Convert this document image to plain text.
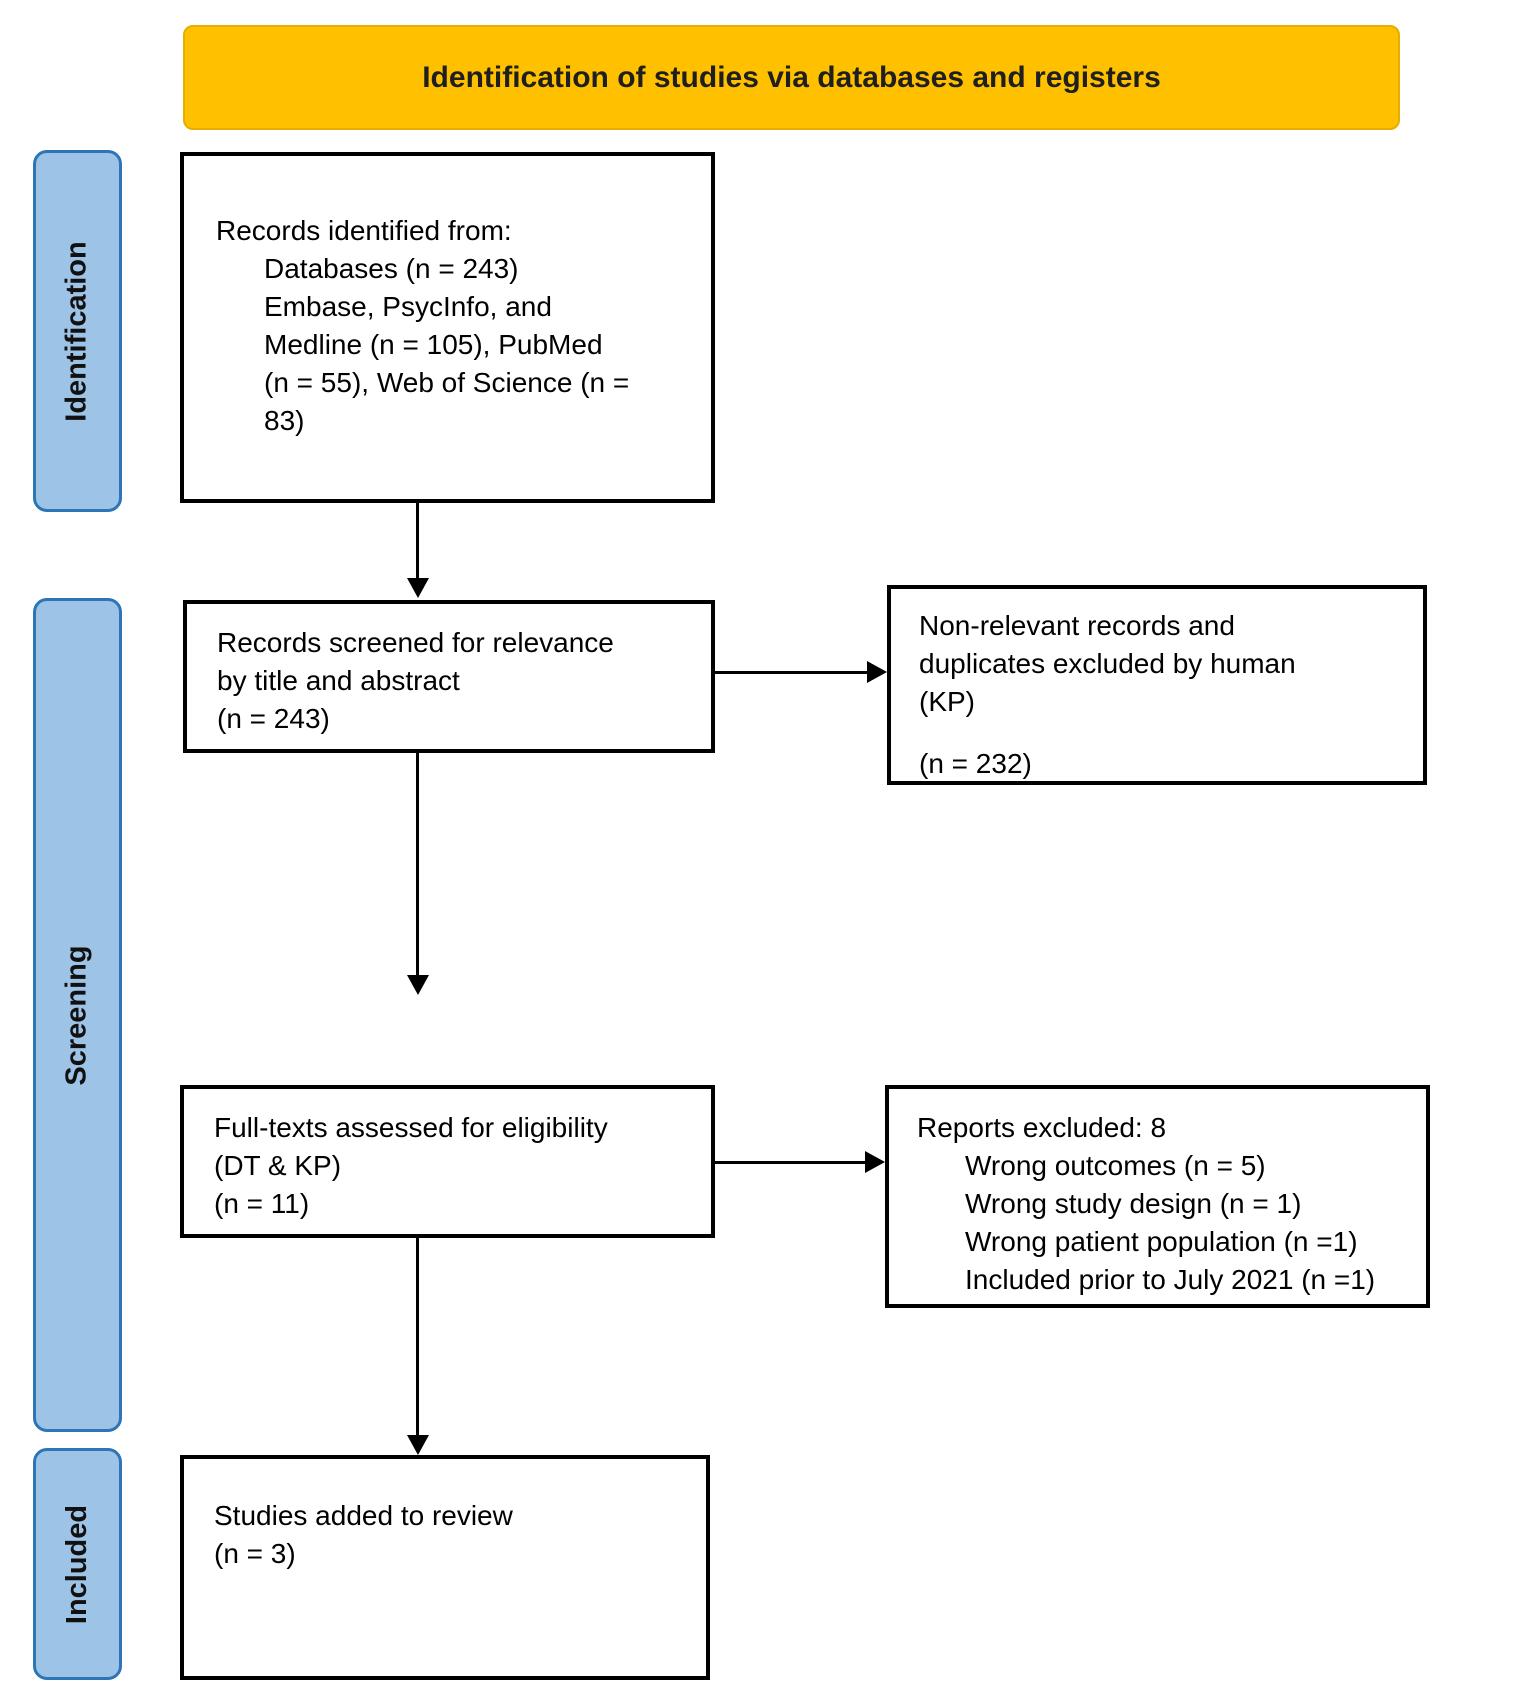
Identification of studies via databases and registers
Identification
Screening
Included
Records identified from:
Databases (n = 243)
Embase, PsycInfo, and
Medline (n = 105), PubMed
(n = 55), Web of Science (n =
83)
Records screened for relevance
by title and abstract
(n = 243)
Non-relevant records and
duplicates excluded by human
(KP)
(n = 232)
Full-texts assessed for eligibility
(DT & KP)
(n = 11)
Reports excluded: 8
Wrong outcomes (n = 5)
Wrong study design (n = 1)
Wrong patient population (n =1)
Included prior to July 2021 (n =1)
Studies added to review
(n = 3)
